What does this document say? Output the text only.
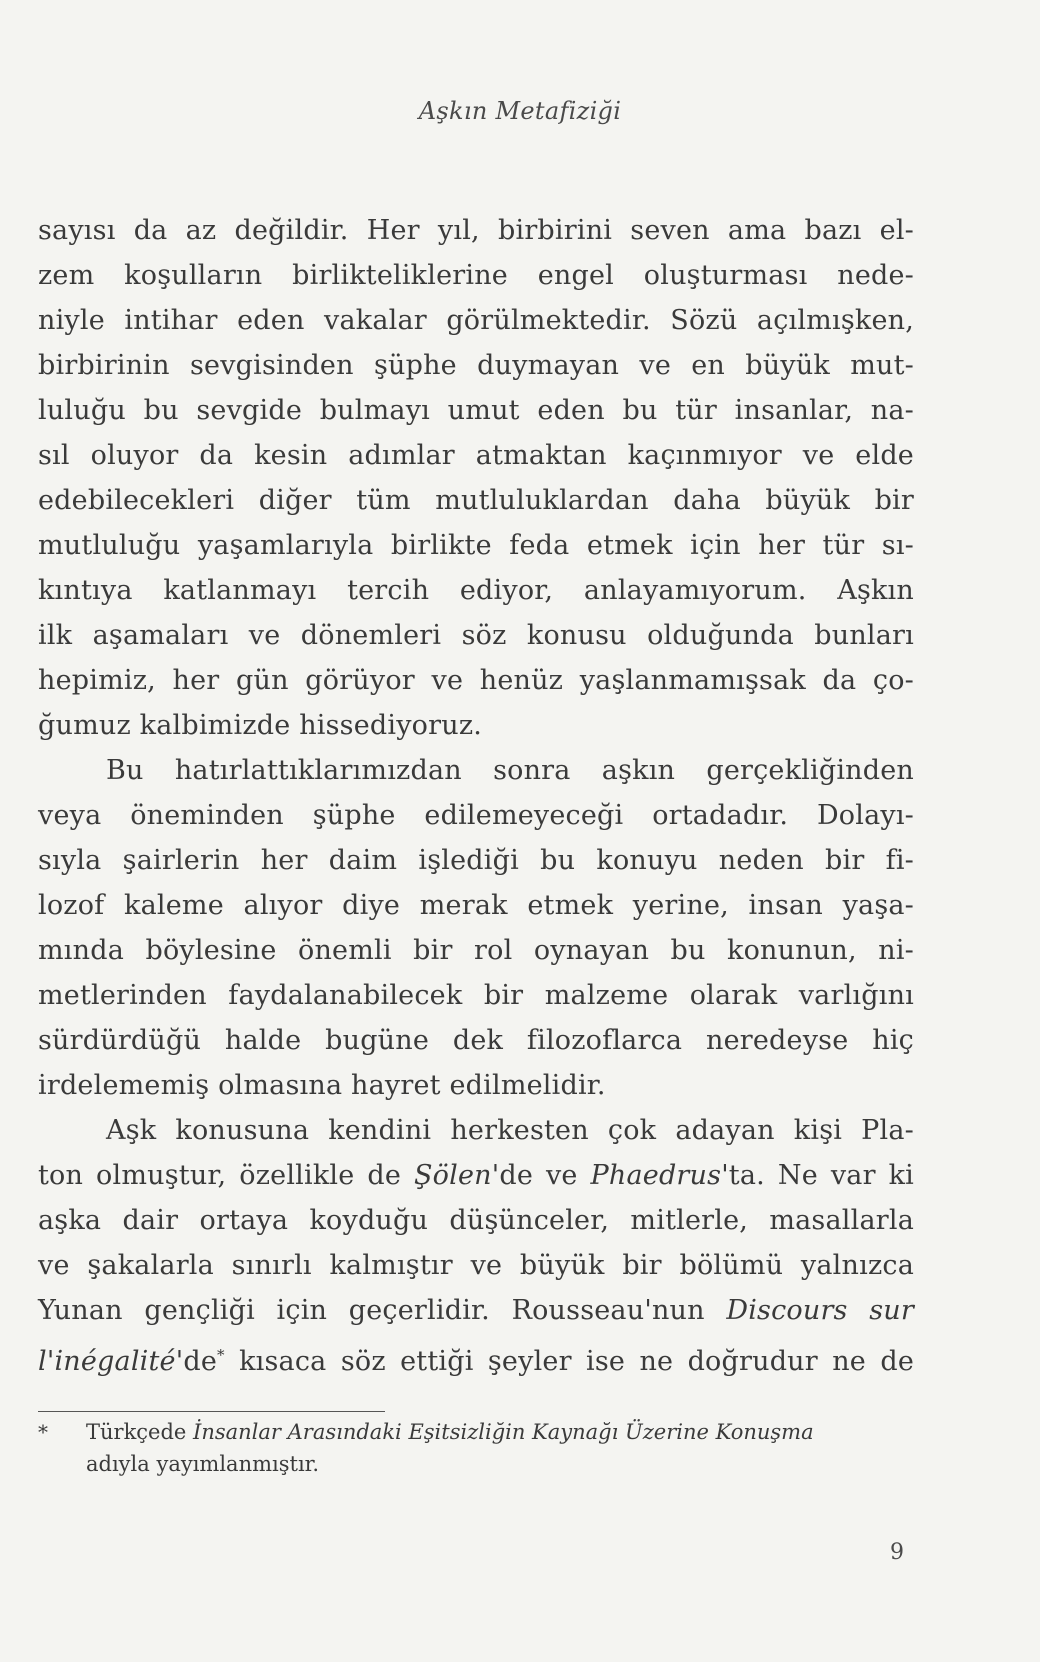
Aşkın Metafiziği
sayısı da az değildir. Her yıl, birbirini seven ama bazı el-
zem koşulların birlikteliklerine engel oluşturması nede-
niyle intihar eden vakalar görülmektedir. Sözü açılmışken,
birbirinin sevgisinden şüphe duymayan ve en büyük mut-
luluğu bu sevgide bulmayı umut eden bu tür insanlar, na-
sıl oluyor da kesin adımlar atmaktan kaçınmıyor ve elde
edebilecekleri diğer tüm mutluluklardan daha büyük bir
mutluluğu yaşamlarıyla birlikte feda etmek için her tür sı-
kıntıya katlanmayı tercih ediyor, anlayamıyorum. Aşkın
ilk aşamaları ve dönemleri söz konusu olduğunda bunları
hepimiz, her gün görüyor ve henüz yaşlanmamışsak da ço-
ğumuz kalbimizde hissediyoruz.
Bu hatırlattıklarımızdan sonra aşkın gerçekliğinden
veya öneminden şüphe edilemeyeceği ortadadır. Dolayı-
sıyla şairlerin her daim işlediği bu konuyu neden bir fi-
lozof kaleme alıyor diye merak etmek yerine, insan yaşa-
mında böylesine önemli bir rol oynayan bu konunun, ni-
metlerinden faydalanabilecek bir malzeme olarak varlığını
sürdürdüğü halde bugüne dek filozoflarca neredeyse hiç
irdelememiş olmasına hayret edilmelidir.
Aşk konusuna kendini herkesten çok adayan kişi Pla-
ton olmuştur, özellikle de Şölen'de ve Phaedrus'ta. Ne var ki
aşka dair ortaya koyduğu düşünceler, mitlerle, masallarla
ve şakalarla sınırlı kalmıştır ve büyük bir bölümü yalnızca
Yunan gençliği için geçerlidir. Rousseau'nun Discours sur
l'inégalité'de* kısaca söz ettiği şeyler ise ne doğrudur ne de
*	Türkçede İnsanlar Arasındaki Eşitsizliğin Kaynağı Üzerine Konuşma
adıyla yayımlanmıştır.
9
